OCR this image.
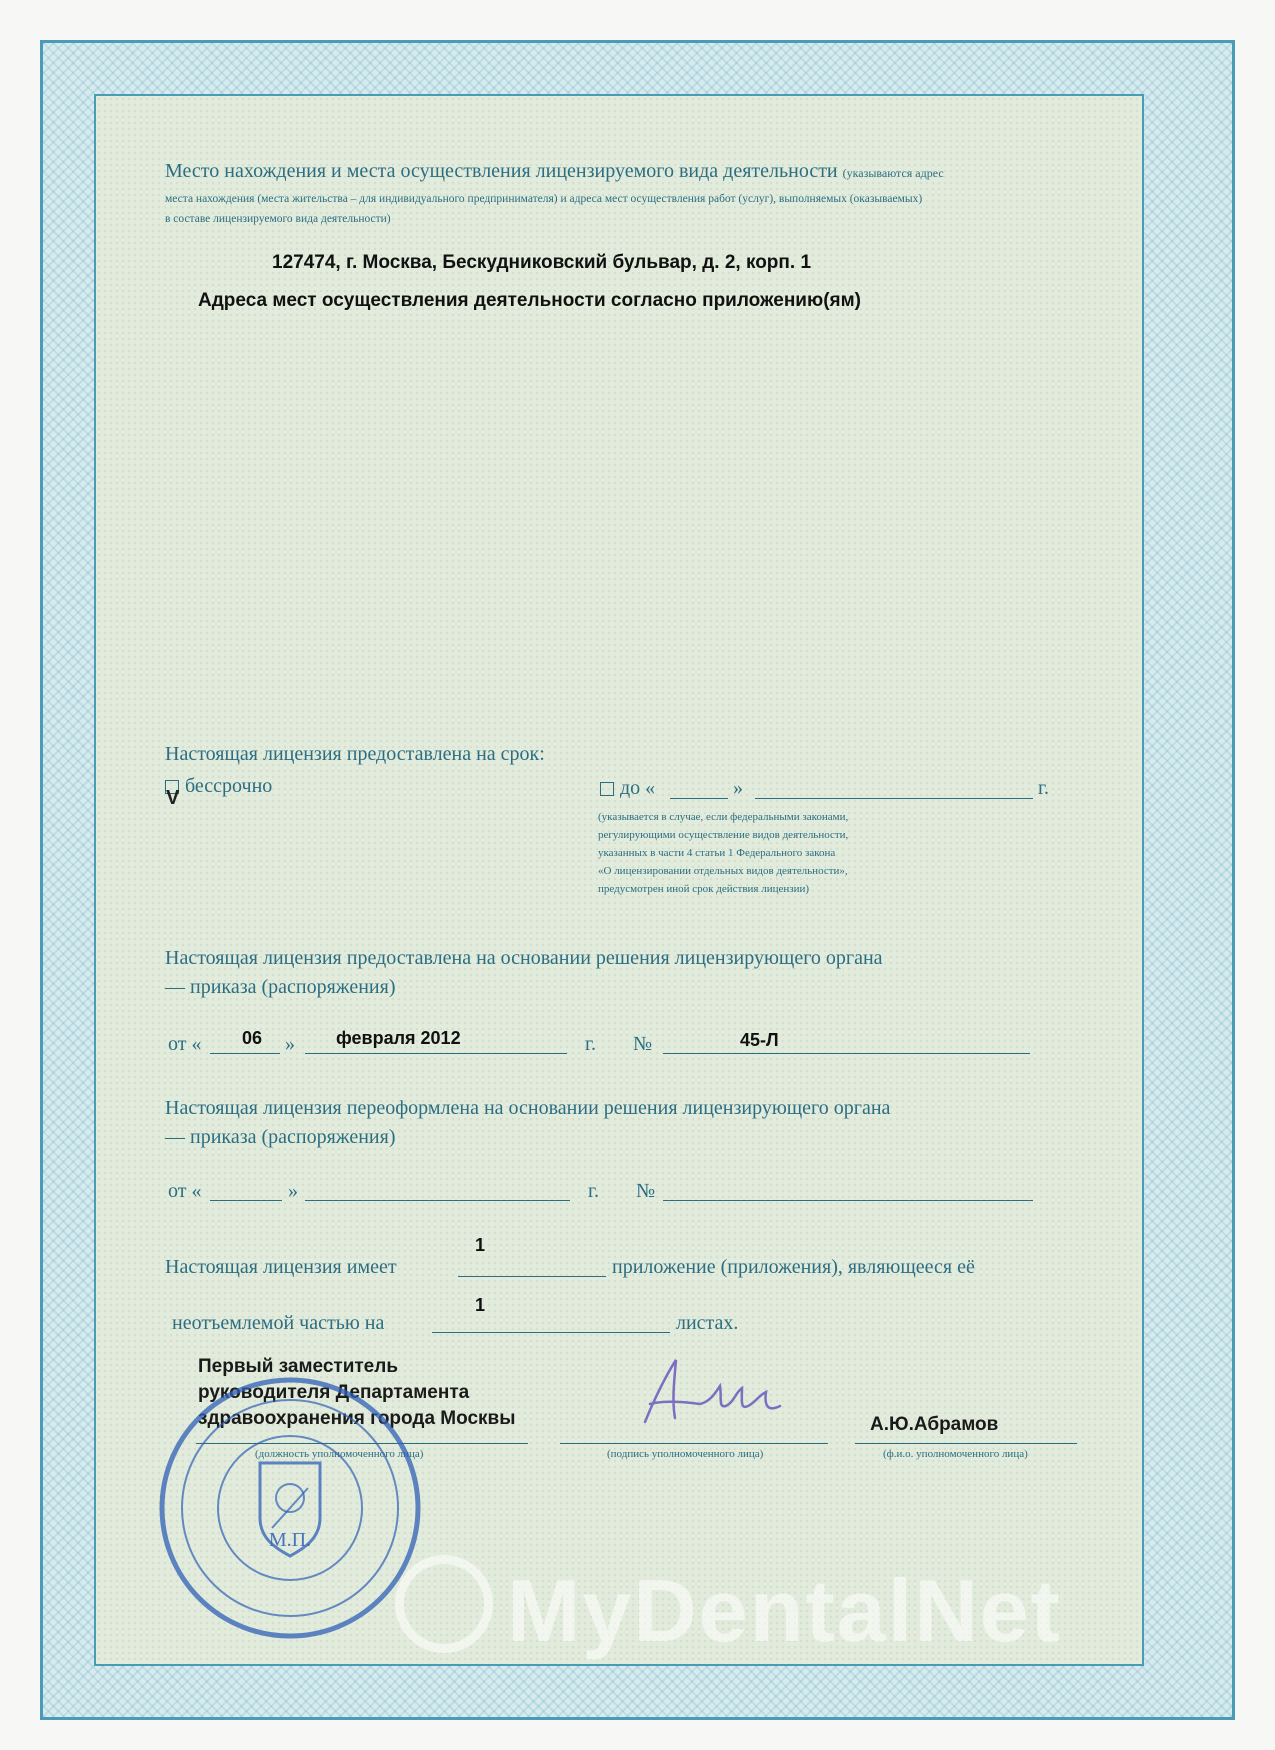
Место нахождения и места осуществления лицензируемого вида деятельности (указываются адрес
места нахождения (места жительства – для индивидуального предпринимателя) и адреса мест осуществления работ (услуг), выполняемых (оказываемых)
в составе лицензируемого вида деятельности)
127474, г. Москва, Бескудниковский бульвар, д. 2, корп. 1
Адреса мест осуществления деятельности согласно приложению(ям)
Настоящая лицензия предоставлена на срок:
бессрочно
V	до «	»	г.
(указывается в случае, если федеральными законами,
регулирующими осуществление видов деятельности,
указанных в части 4 статьи 1 Федерального закона
«О лицензировании отдельных видов деятельности»,
предусмотрен иной срок действия лицензии)
Настоящая лицензия предоставлена на основании решения лицензирующего органа
— приказа (распоряжения)
от « 06 » февраля 2012	г. №	45-Л
Настоящая лицензия переоформлена на основании решения лицензирующего органа
— приказа (распоряжения)
от «	»	г. №
Настоящая лицензия имеет
1
приложение (приложения), являющееся её
неотъемлемой частью на
1
листах.
Первый заместитель
руководителя Департамента
здравоохранения города Москвы
(должность уполномоченного лица)	(подпись уполномоченного лица)
А.Ю.Абрамов
(ф.и.о. уполномоченного лица)
М.П.
MyDentalNet
